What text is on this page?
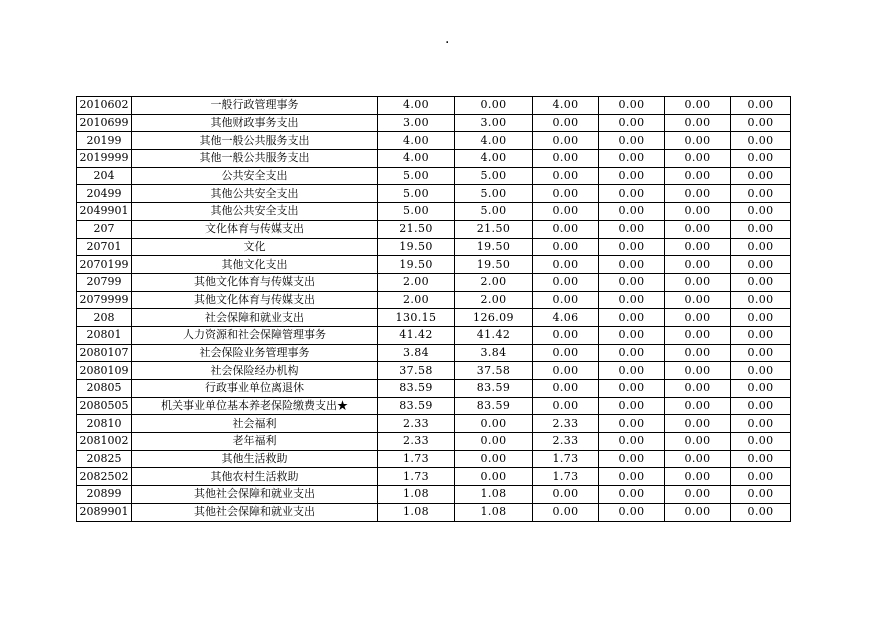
·
2010602	一般行政管理事务	4.00	0.00	4.00	0.00	0.00	0.00
2010699	其他财政事务支出	3.00	3.00	0.00	0.00	0.00	0.00
20199	其他一般公共服务支出	4.00	4.00	0.00	0.00	0.00	0.00
2019999	其他一般公共服务支出	4.00	4.00	0.00	0.00	0.00	0.00
204	公共安全支出	5.00	5.00	0.00	0.00	0.00	0.00
20499	其他公共安全支出	5.00	5.00	0.00	0.00	0.00	0.00
2049901	其他公共安全支出	5.00	5.00	0.00	0.00	0.00	0.00
207	文化体育与传媒支出	21.50	21.50	0.00	0.00	0.00	0.00
20701	文化	19.50	19.50	0.00	0.00	0.00	0.00
2070199	其他文化支出	19.50	19.50	0.00	0.00	0.00	0.00
20799	其他文化体育与传媒支出	2.00	2.00	0.00	0.00	0.00	0.00
2079999	其他文化体育与传媒支出	2.00	2.00	0.00	0.00	0.00	0.00
208	社会保障和就业支出	130.15	126.09	4.06	0.00	0.00	0.00
20801	人力资源和社会保障管理事务	41.42	41.42	0.00	0.00	0.00	0.00
2080107	社会保险业务管理事务	3.84	3.84	0.00	0.00	0.00	0.00
2080109	社会保险经办机构	37.58	37.58	0.00	0.00	0.00	0.00
20805	行政事业单位离退休	83.59	83.59	0.00	0.00	0.00	0.00
2080505	机关事业单位基本养老保险缴费支出★	83.59	83.59	0.00	0.00	0.00	0.00
20810	社会福利	2.33	0.00	2.33	0.00	0.00	0.00
2081002	老年福利	2.33	0.00	2.33	0.00	0.00	0.00
20825	其他生活救助	1.73	0.00	1.73	0.00	0.00	0.00
2082502	其他农村生活救助	1.73	0.00	1.73	0.00	0.00	0.00
20899	其他社会保障和就业支出	1.08	1.08	0.00	0.00	0.00	0.00
2089901	其他社会保障和就业支出	1.08	1.08	0.00	0.00	0.00	0.00
